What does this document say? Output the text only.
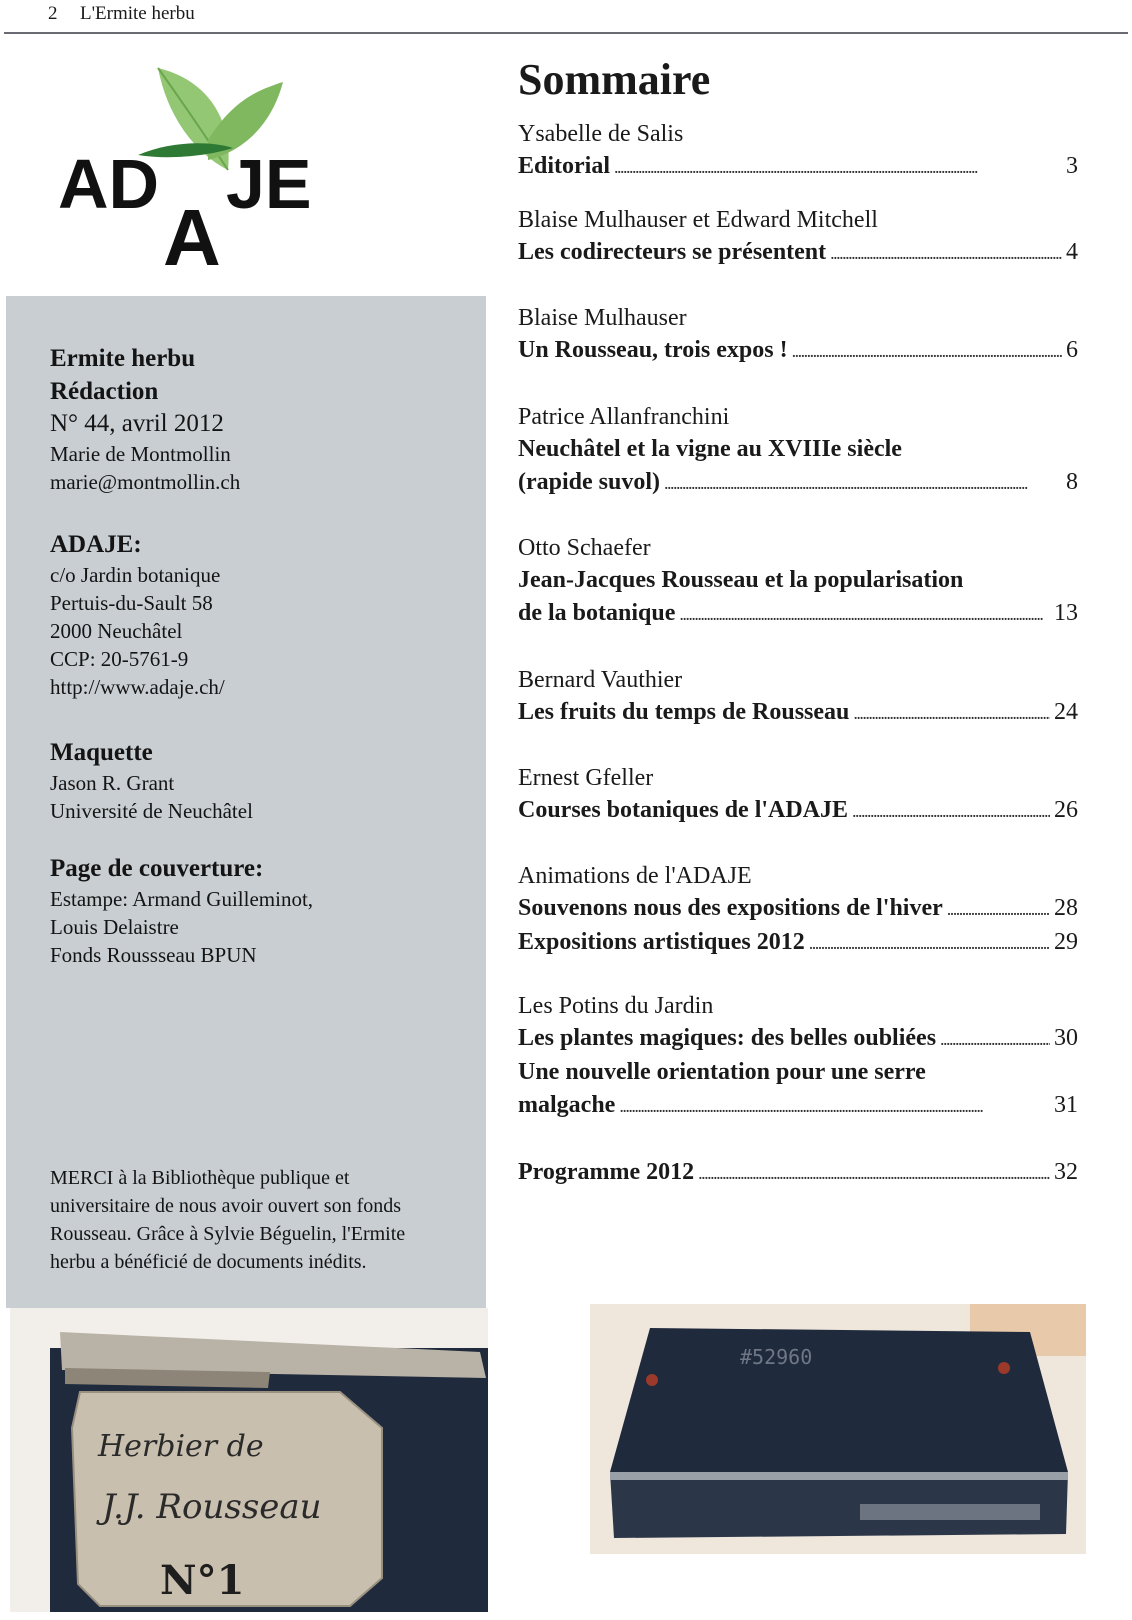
2 L'Ermite herbu
AD
A
JE
Ermite herbu
Rédaction
N° 44, avril 2012
Marie de Montmollin
marie@montmollin.ch
ADAJE:
c/o Jardin botanique
Pertuis-du-Sault 58
2000 Neuchâtel
CCP: 20-5761-9
http://www.adaje.ch/
Maquette
Jason R. Grant
Université de Neuchâtel
Page de couverture:
Estampe: Armand Guilleminot,
Louis Delaistre
Fonds Roussseau BPUN
MERCI à la Bibliothèque publique et
universitaire de nous avoir ouvert son fonds
Rousseau. Grâce à Sylvie Béguelin, l'Ermite
herbu a bénéficié de documents inédits.
Herbier de
J.J. Rousseau
N°1
#52960
Sommaire
Ysabelle de Salis
Editorial . . .	3
Blaise Mulhauser et Edward Mitchell
Les codirecteurs se présentent . . .	4
Blaise Mulhauser
Un Rousseau, trois expos ! . . .	6
Patrice Allanfranchini
Neuchâtel et la vigne au XVIIIe siècle
(rapide suvol) . . .	8
Otto Schaefer
Jean-Jacques Rousseau et la popularisation
de la botanique . . .	13
Bernard Vauthier
Les fruits du temps de Rousseau . . .	24
Ernest Gfeller
Courses botaniques de l'ADAJE . . .	26
Animations de l'ADAJE
Souvenons nous des expositions de l'hiver . . .	28
Expositions artistiques 2012 . . .	29
Les Potins du Jardin
Les plantes magiques: des belles oubliées . . .	30
Une nouvelle orientation pour une serre
malgache . . .	31
Programme 2012 . . .	32
